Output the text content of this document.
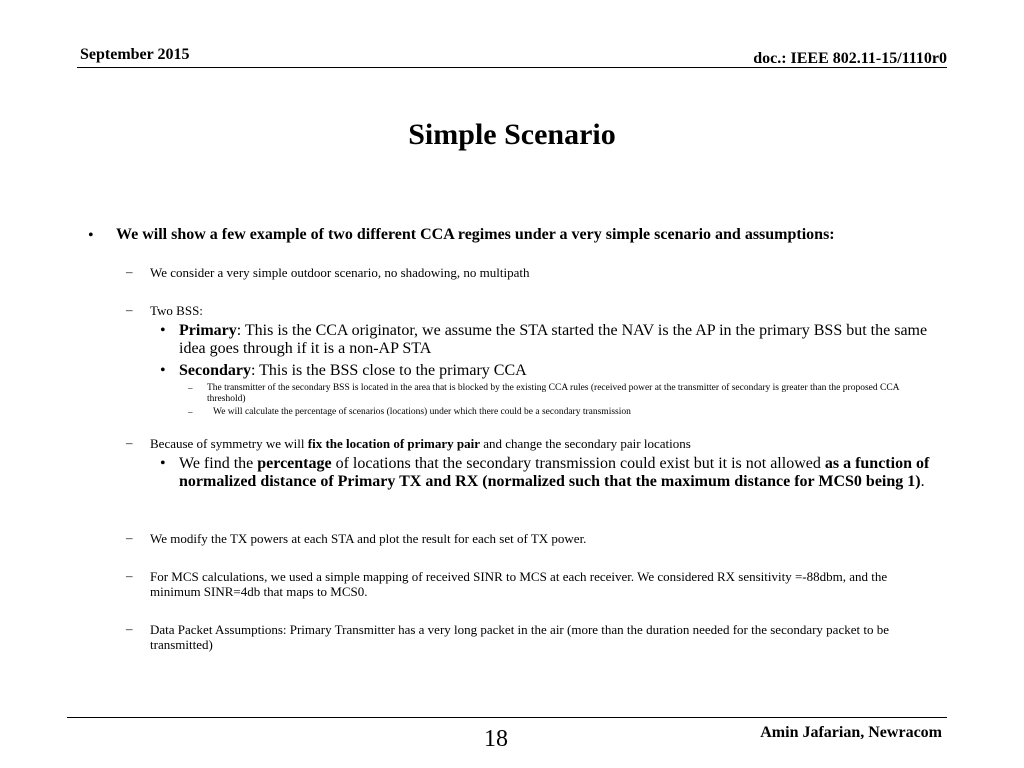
September 2015	doc.: IEEE 802.11-15/1110r0
Simple Scenario
• We will show a few example of two different CCA regimes under a very simple scenario and assumptions:
– We consider a very simple outdoor scenario, no shadowing, no multipath
– Two BSS:
• Primary: This is the CCA originator, we assume the STA started the NAV is the AP in the primary BSS but the same idea goes through if it is a non-AP STA
• Secondary: This is the BSS close to the primary CCA
– The transmitter of the secondary BSS is located in the area that is blocked by the existing CCA rules (received power at the transmitter of secondary is greater than the proposed CCA threshold)
– We will calculate the percentage of scenarios (locations) under which there could be a secondary transmission
– Because of symmetry we will fix the location of primary pair and change the secondary pair locations
• We find the percentage of locations that the secondary transmission could exist but it is not allowed as a function of normalized distance of Primary TX and RX (normalized such that the maximum distance for MCS0 being 1).
– We modify the TX powers at each STA and plot the result for each set of TX power.
– For MCS calculations, we used a simple mapping of received SINR to MCS at each receiver. We considered RX sensitivity =-88dbm, and the minimum SINR=4db that maps to MCS0.
– Data Packet Assumptions: Primary Transmitter has a very long packet in the air (more than the duration needed for the secondary packet to be transmitted)
18	Amin Jafarian, Newracom
